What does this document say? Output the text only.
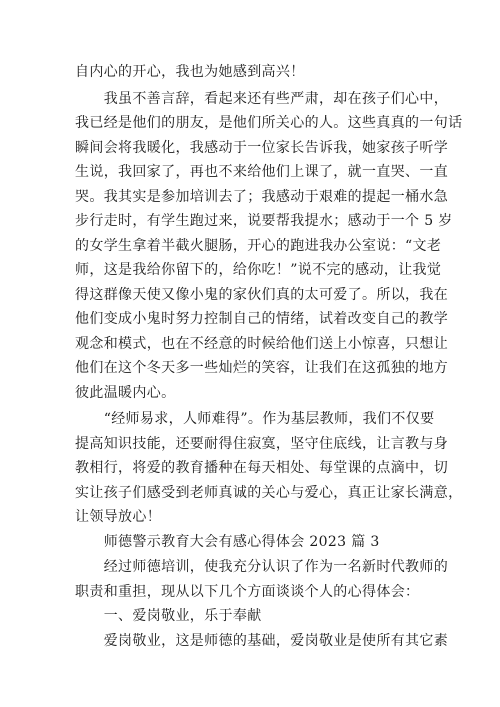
自内心的开心，我也为她感到高兴！
　　我虽不善言辞，看起来还有些严肃，却在孩子们心中，
我已经是他们的朋友，是他们所关心的人。这些真真的一句话
瞬间会将我暖化，我感动于一位家长告诉我，她家孩子听学
生说，我回家了，再也不来给他们上课了，就一直哭、一直
哭。我其实是参加培训去了；我感动于艰难的提起一桶水急
步行走时，有学生跑过来，说要帮我提水；感动于一个 5 岁
的女学生拿着半截火腿肠，开心的跑进我办公室说：“文老
师，这是我给你留下的，给你吃！”说不完的感动，让我觉
得这群像天使又像小鬼的家伙们真的太可爱了。所以，我在
他们变成小鬼时努力控制自己的情绪，试着改变自己的教学
观念和模式，也在不经意的时候给他们送上小惊喜，只想让
他们在这个冬天多一些灿烂的笑容，让我们在这孤独的地方
彼此温暖内心。
　　“经师易求，人师难得”。作为基层教师，我们不仅要
提高知识技能，还要耐得住寂寞，坚守住底线，让言教与身
教相行，将爱的教育播种在每天相处、每堂课的点滴中，切
实让孩子们感受到老师真诚的关心与爱心，真正让家长满意，
让领导放心！
　　师德警示教育大会有感心得体会 2023 篇 3
　　经过师德培训，使我充分认识了作为一名新时代教师的
职责和重担，现从以下几个方面谈谈个人的心得体会：
　　一、爱岗敬业，乐于奉献
　　爱岗敬业，这是师德的基础，爱岗敬业是使所有其它素
